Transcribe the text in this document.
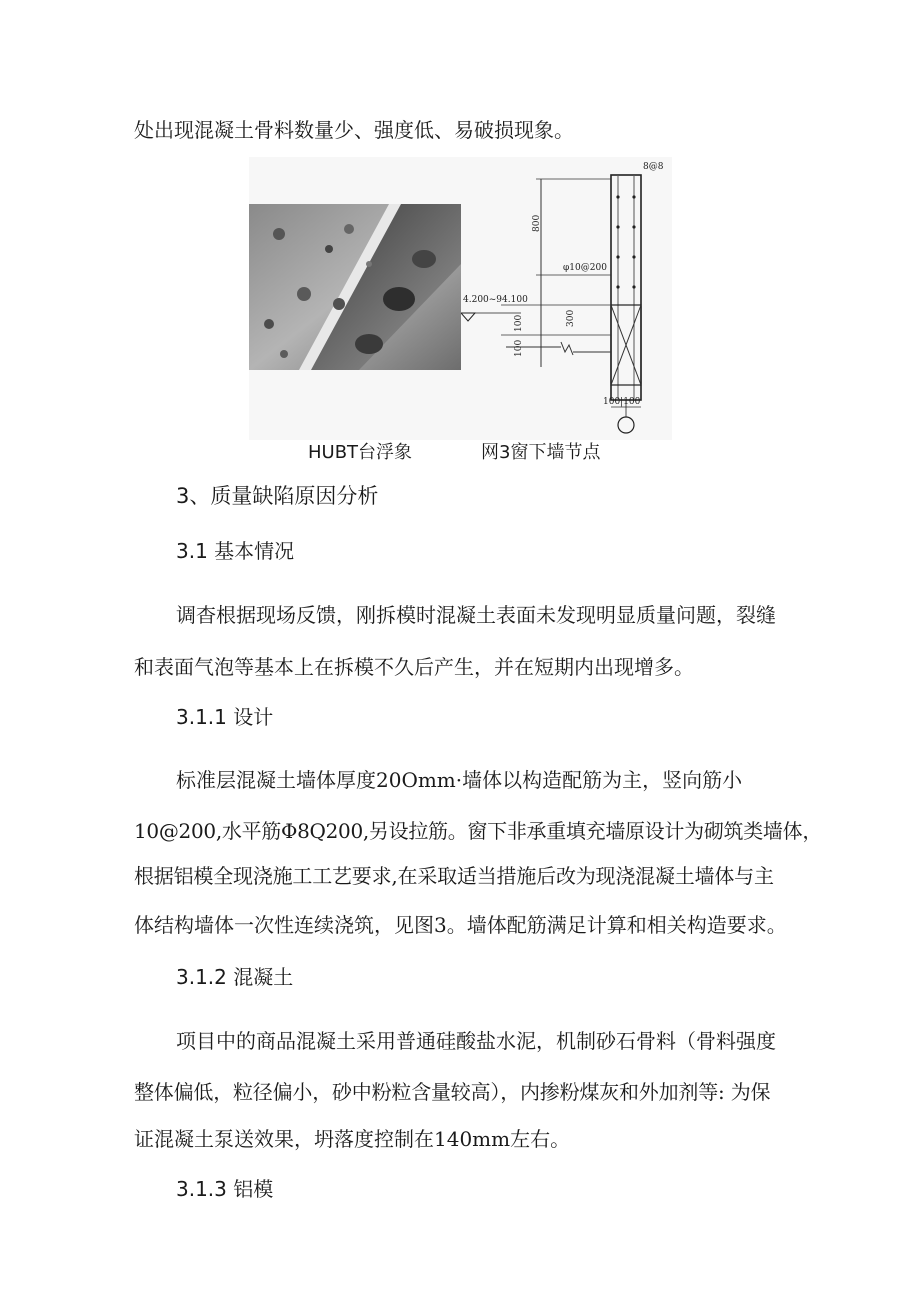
处出现混凝土骨料数量少、强度低、易破损现象。
8@8
800
φ10@200
4.200~94.100
300
100
100
100|100
HUBT台浮象	网3窗下墙节点
3、质量缺陷原因分析
3.1 基本情况
调杳根据现场反馈，刚拆模时混凝土表面未发现明显质量问题，裂缝
和表面气泡等基本上在拆模不久后产生，并在短期内出现增多。
3.1.1 设计
标准层混凝土墙体厚度20Omm·墙体以构造配筋为主，竖向筋小
10@200,水平筋Φ8Q200,另设拉筋。窗下非承重填充墙原设计为砌筑类墙体，
根据铝模全现浇施工工艺要求,在采取适当措施后改为现浇混凝土墙体与主
体结构墙体一次性连续浇筑，见图3。墙体配筋满足计算和相关构造要求。
3.1.2 混凝土
项目中的商品混凝土采用普通硅酸盐水泥，机制砂石骨料（骨料强度
整体偏低，粒径偏小，砂中粉粒含量较高），内掺粉煤灰和外加剂等: 为保
证混凝土泵送效果，坍落度控制在140mm左右。
3.1.3 铝模
